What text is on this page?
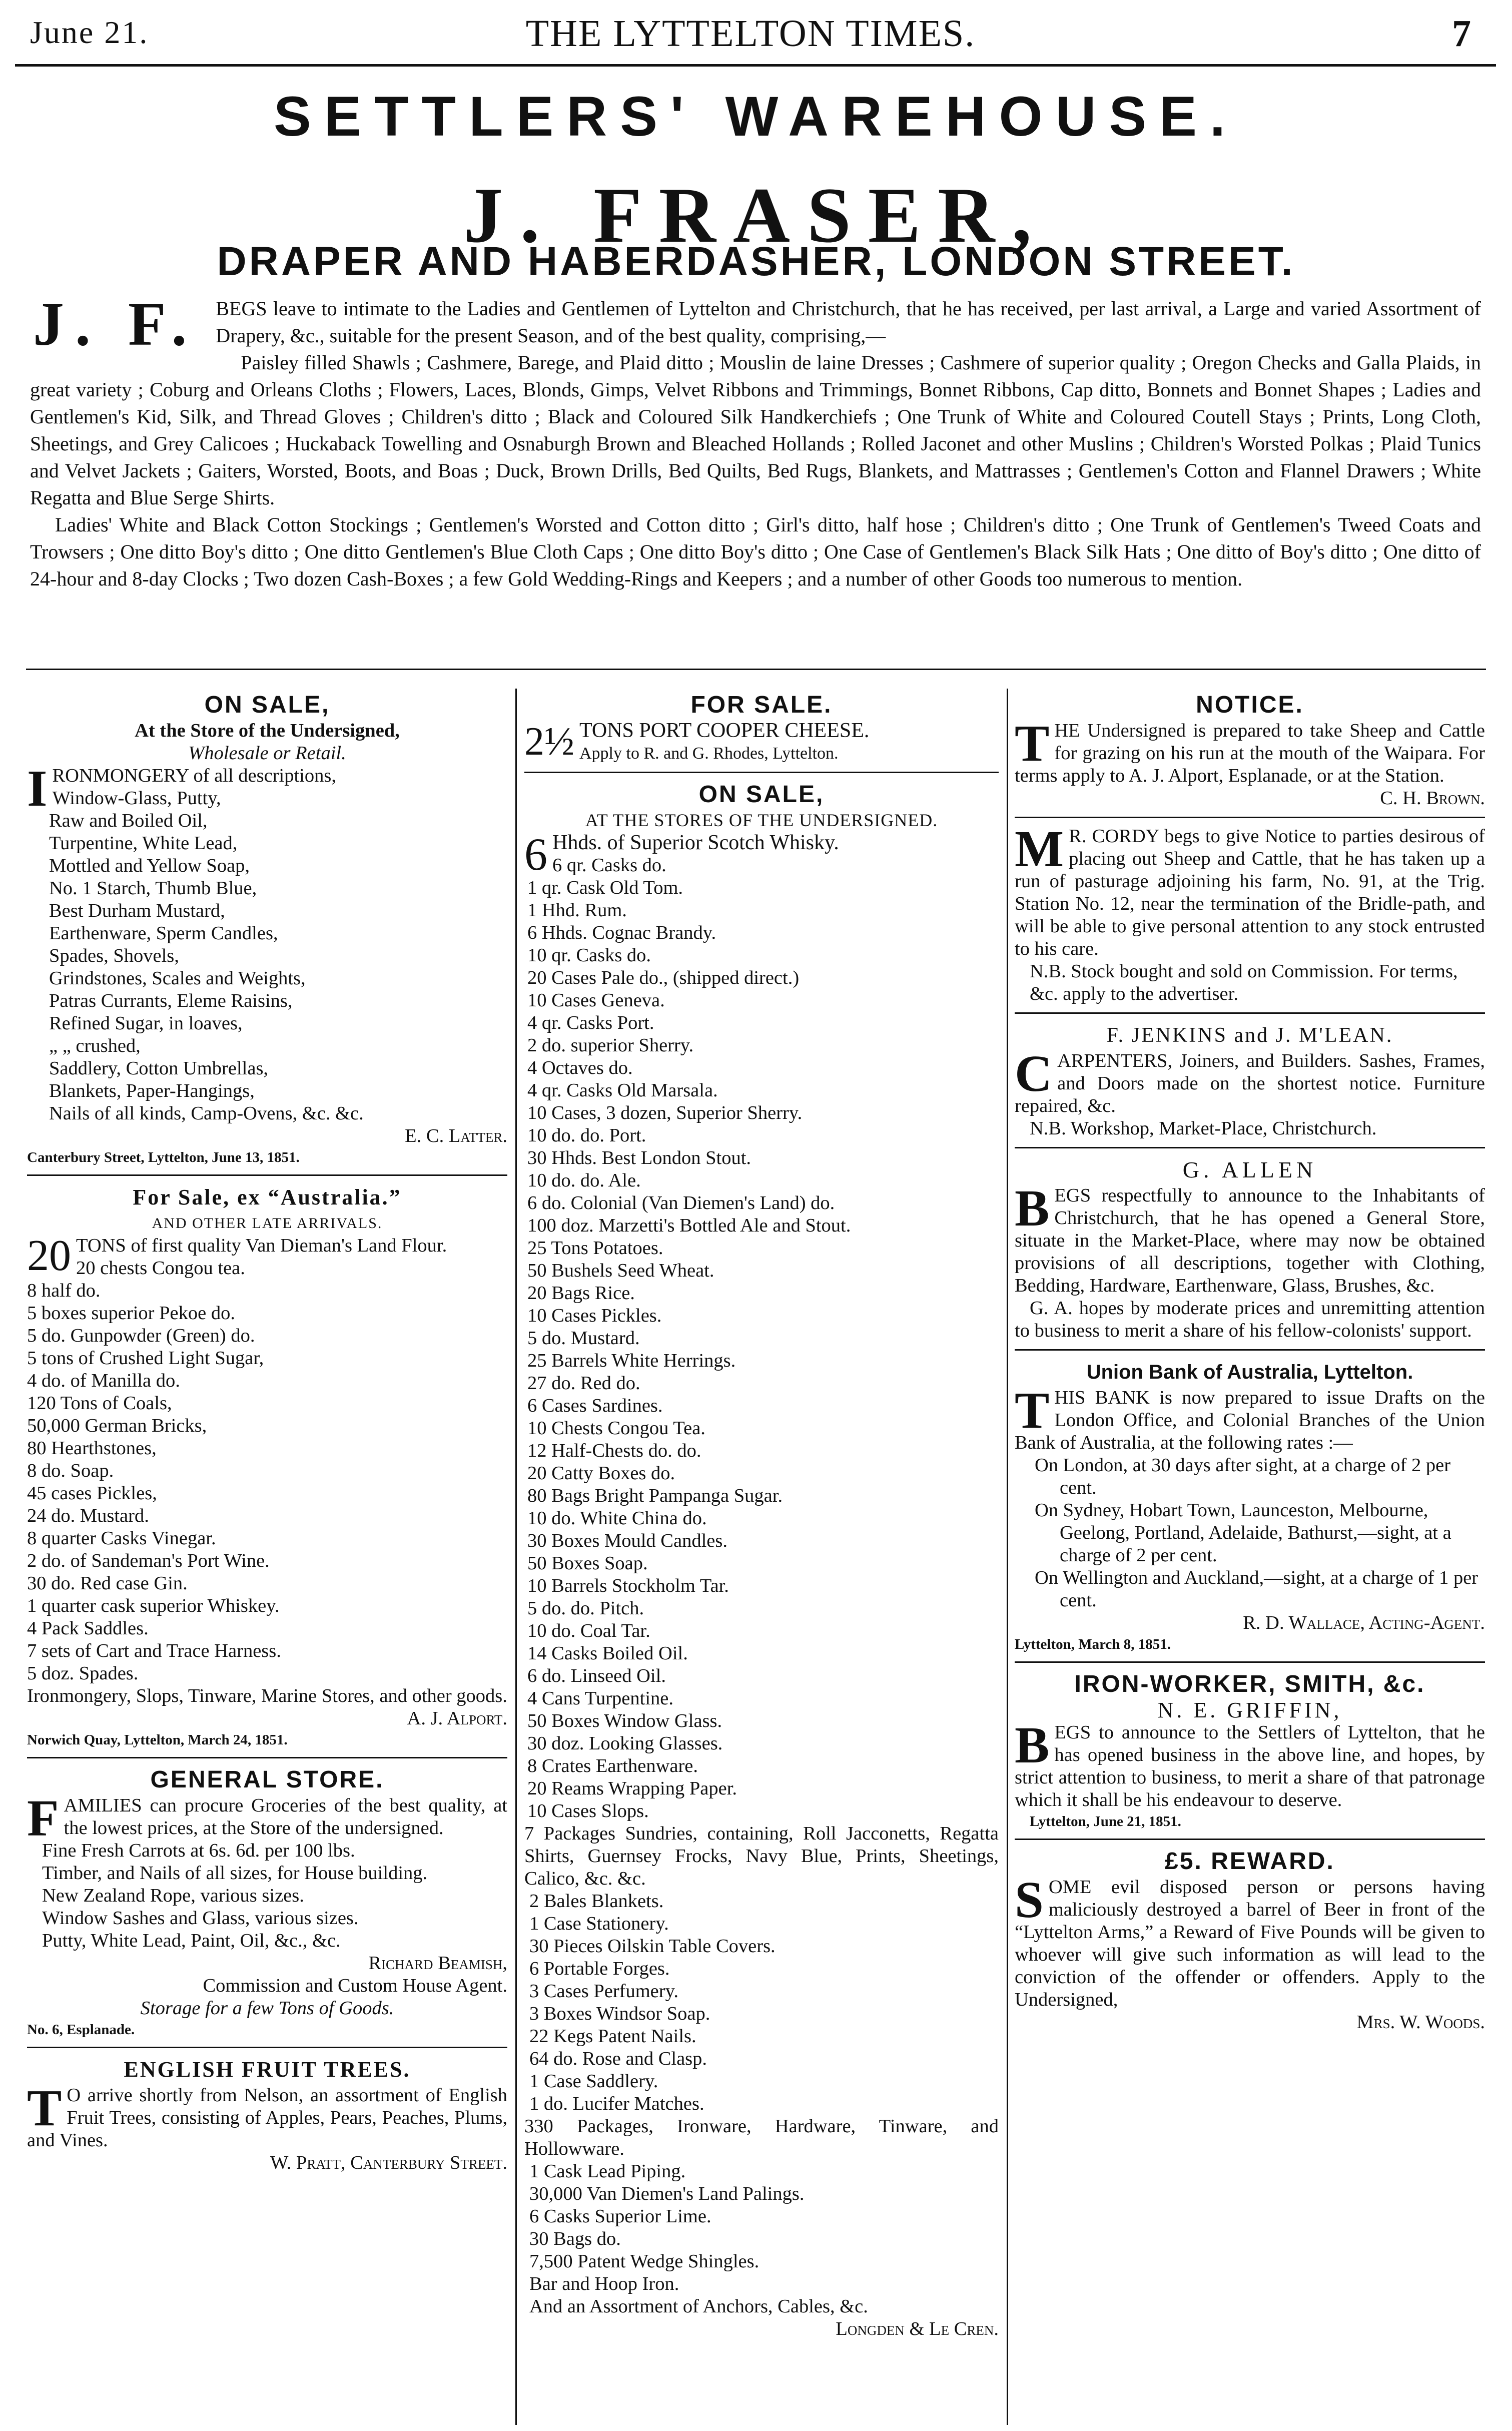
June 21.	THE LYTTELTON TIMES.	7
SETTLERS' WAREHOUSE.
J. FRASER,
DRAPER AND HABERDASHER, LONDON STREET.
J. F. BEGS leave to intimate to the Ladies and Gentlemen of Lyttelton and Christchurch, that he has received, per last arrival, a Large and varied Assortment of Drapery, &c., suitable for the present Season, and of the best quality, comprising,—

Paisley filled Shawls ; Cashmere, Barege, and Plaid ditto ; Mouslin de laine Dresses ; Cashmere of superior quality ; Oregon Checks and Galla Plaids, in great variety ; Coburg and Orleans Cloths ; Flowers, Laces, Blonds, Gimps, Velvet Ribbons and Trimmings, Bonnet Ribbons, Cap ditto, Bonnets and Bonnet Shapes ; Ladies and Gentlemen's Kid, Silk, and Thread Gloves ; Children's ditto ; Black and Coloured Silk Handkerchiefs ; One Trunk of White and Coloured Coutell Stays ; Prints, Long Cloth, Sheetings, and Grey Calicoes ; Huckaback Towelling and Osnaburgh Brown and Bleached Hollands ; Rolled Jaconet and other Muslins ; Children's Worsted Polkas ; Plaid Tunics and Velvet Jackets ; Gaiters, Worsted, Boots, and Boas ; Duck, Brown Drills, Bed Quilts, Bed Rugs, Blankets, and Mattrasses ; Gentlemen's Cotton and Flannel Drawers ; White Regatta and Blue Serge Shirts.

Ladies' White and Black Cotton Stockings ; Gentlemen's Worsted and Cotton ditto ; Girl's ditto, half hose ; Children's ditto ; One Trunk of Gentlemen's Tweed Coats and Trowsers ; One ditto Boy's ditto ; One ditto Gentlemen's Blue Cloth Caps ; One ditto Boy's ditto ; One Case of Gentlemen's Black Silk Hats ; One ditto of Boy's ditto ; One ditto of 24-hour and 8-day Clocks ; Two dozen Cash-Boxes ; a few Gold Wedding-Rings and Keepers ; and a number of other Goods too numerous to mention.

ON SALE,
At the Store of the Undersigned,
Wholesale or Retail.
I RONMONGERY of all descriptions,

Window-Glass, Putty,
Raw and Boiled Oil,
Turpentine, White Lead,
Mottled and Yellow Soap,
No. 1 Starch, Thumb Blue,
Best Durham Mustard,
Earthenware, Sperm Candles,
Spades, Shovels,
Grindstones, Scales and Weights,
Patras Currants, Eleme Raisins,
Refined Sugar, in loaves,
„ „ crushed,
Saddlery, Cotton Umbrellas,
Blankets, Paper-Hangings,
Nails of all kinds, Camp-Ovens, &c. &c.
E. C. Latter.
Canterbury Street, Lyttelton, June 13, 1851.
For Sale, ex “Australia.”
AND OTHER LATE ARRIVALS.
20 TONS of first quality Van Dieman's Land Flour.

20 chests Congou tea.
8 half do.
5 boxes superior Pekoe do.
5 do. Gunpowder (Green) do.
5 tons of Crushed Light Sugar,
4 do. of Manilla do.
120 Tons of Coals,
50,000 German Bricks,
80 Hearthstones,
8 do. Soap.
45 cases Pickles,
24 do. Mustard.
8 quarter Casks Vinegar.
2 do. of Sandeman's Port Wine.
30 do. Red case Gin.
1 quarter cask superior Whiskey.
4 Pack Saddles.
7 sets of Cart and Trace Harness.
5 doz. Spades.

Ironmongery, Slops, Tinware, Marine Stores, and other goods.

A. J. Alport.
Norwich Quay, Lyttelton, March 24, 1851.
GENERAL STORE.
F AMILIES can procure Groceries of the best quality, at the lowest prices, at the Store of the undersigned.

Fine Fresh Carrots at 6s. 6d. per 100 lbs.
Timber, and Nails of all sizes, for House building.
New Zealand Rope, various sizes.
Window Sashes and Glass, various sizes.
Putty, White Lead, Paint, Oil, &c., &c.
Richard Beamish,
Commission and Custom House Agent.
Storage for a few Tons of Goods.
No. 6, Esplanade.
ENGLISH FRUIT TREES.
T O arrive shortly from Nelson, an assortment of English Fruit Trees, consisting of Apples, Pears, Peaches, Plums, and Vines.

W. Pratt, Canterbury Street.
FOR SALE.
2½ TONS PORT COOPER CHEESE.

Apply to R. and G. Rhodes, Lyttelton.

ON SALE,
AT THE STORES OF THE UNDERSIGNED.
6 Hhds. of Superior Scotch Whisky.

6 qr. Casks do.
1 qr. Cask Old Tom.
1 Hhd. Rum.
6 Hhds. Cognac Brandy.
10 qr. Casks do.
20 Cases Pale do., (shipped direct.)
10 Cases Geneva.
4 qr. Casks Port.
2 do. superior Sherry.
4 Octaves do.
4 qr. Casks Old Marsala.
10 Cases, 3 dozen, Superior Sherry.
10 do. do. Port.
30 Hhds. Best London Stout.
10 do. do. Ale.
6 do. Colonial (Van Diemen's Land) do.
100 doz. Marzetti's Bottled Ale and Stout.
25 Tons Potatoes.
50 Bushels Seed Wheat.
20 Bags Rice.
10 Cases Pickles.
5 do. Mustard.
25 Barrels White Herrings.
27 do. Red do.
6 Cases Sardines.
10 Chests Congou Tea.
12 Half-Chests do. do.
20 Catty Boxes do.
80 Bags Bright Pampanga Sugar.
10 do. White China do.
30 Boxes Mould Candles.
50 Boxes Soap.
10 Barrels Stockholm Tar.
5 do. do. Pitch.
10 do. Coal Tar.
14 Casks Boiled Oil.
6 do. Linseed Oil.
4 Cans Turpentine.
50 Boxes Window Glass.
30 doz. Looking Glasses.
8 Crates Earthenware.
20 Reams Wrapping Paper.
10 Cases Slops.

7 Packages Sundries, containing, Roll Jacconetts, Regatta Shirts, Guernsey Frocks, Navy Blue, Prints, Sheetings, Calico, &c. &c.

2 Bales Blankets.
1 Case Stationery.
30 Pieces Oilskin Table Covers.
6 Portable Forges.
3 Cases Perfumery.
3 Boxes Windsor Soap.
22 Kegs Patent Nails.
64 do. Rose and Clasp.
1 Case Saddlery.
1 do. Lucifer Matches.

330 Packages, Ironware, Hardware, Tinware, and Hollowware.

1 Cask Lead Piping.
30,000 Van Diemen's Land Palings.
6 Casks Superior Lime.
30 Bags do.
7,500 Patent Wedge Shingles.
Bar and Hoop Iron.
And an Assortment of Anchors, Cables, &c.
Longden & Le Cren.
NOTICE.
T HE Undersigned is prepared to take Sheep and Cattle for grazing on his run at the mouth of the Waipara. For terms apply to A. J. Alport, Esplanade, or at the Station.

C. H. Brown.
M R. CORDY begs to give Notice to parties desirous of placing out Sheep and Cattle, that he has taken up a run of pasturage adjoining his farm, No. 91, at the Trig. Station No. 12, near the termination of the Bridle-path, and will be able to give personal attention to any stock entrusted to his care.

N.B. Stock bought and sold on Commission. For terms, &c. apply to the advertiser.

F. JENKINS and J. M'LEAN.
C ARPENTERS, Joiners, and Builders. Sashes, Frames, and Doors made on the shortest notice. Furniture repaired, &c.

N.B. Workshop, Market-Place, Christchurch.

G. ALLEN
B EGS respectfully to announce to the Inhabitants of Christchurch, that he has opened a General Store, situate in the Market-Place, where may now be obtained provisions of all descriptions, together with Clothing, Bedding, Hardware, Earthenware, Glass, Brushes, &c.

G. A. hopes by moderate prices and unremitting attention to business to merit a share of his fellow-colonists' support.

Union Bank of Australia, Lyttelton.
T HIS BANK is now prepared to issue Drafts on the London Office, and Colonial Branches of the Union Bank of Australia, at the following rates :—

On London, at 30 days after sight, at a charge of 2 per cent.
On Sydney, Hobart Town, Launceston, Melbourne, Geelong, Portland, Adelaide, Bathurst,—sight, at a charge of 2 per cent.
On Wellington and Auckland,—sight, at a charge of 1 per cent.
R. D. Wallace, Acting-Agent.
Lyttelton, March 8, 1851.
IRON-WORKER, SMITH, &c.
N. E. GRIFFIN,
B EGS to announce to the Settlers of Lyttelton, that he has opened business in the above line, and hopes, by strict attention to business, to merit a share of that patronage which it shall be his endeavour to deserve.

Lyttelton, June 21, 1851.
£5. REWARD.
S OME evil disposed person or persons having maliciously destroyed a barrel of Beer in front of the “Lyttelton Arms,” a Reward of Five Pounds will be given to whoever will give such information as will lead to the conviction of the offender or offenders. Apply to the Undersigned,

Mrs. W. Woods.
